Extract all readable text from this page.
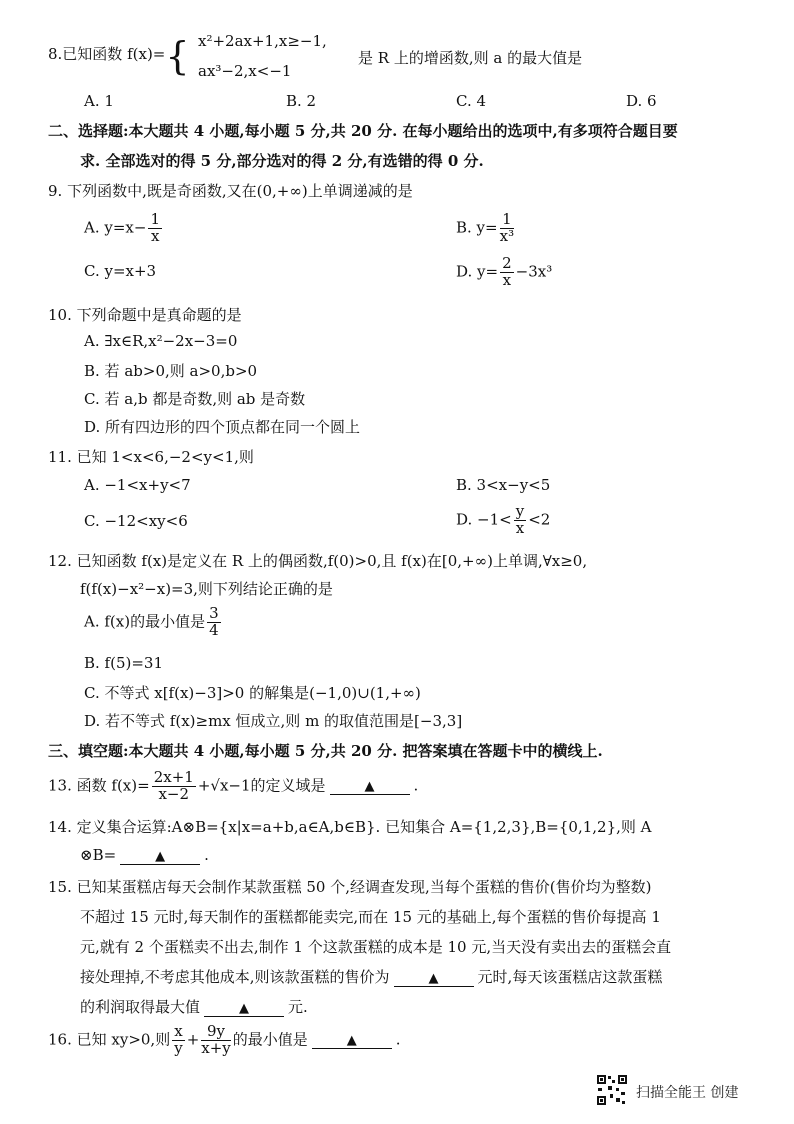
8.已知函数 f(x)={ x²+2ax+1,x≥−1,
ax³−2,x<−1
是 R 上的增函数,则 a 的最大值是
A. 1	B. 2	C. 4	D. 6
二、选择题:本大题共 4 小题,每小题 5 分,共 20 分. 在每小题给出的选项中,有多项符合题目要
求. 全部选对的得 5 分,部分选对的得 2 分,有选错的得 0 分.
9. 下列函数中,既是奇函数,又在(0,+∞)上单调递减的是
A. $y=x- \frac{1}{x}$	B. $y= \frac{1}{\text{x³}}$
C. y=x+3	D. $y= \frac{2}{x} -3x^3$
10. 下列命题中是真命题的是
A. ∃x∈R,x²−2x−3=0
B. 若 ab>0,则 a>0,b>0
C. 若 a,b 都是奇数,则 ab 是奇数
D. 所有四边形的四个顶点都在同一个圆上
11. 已知 1<x<6,−2<y<1,则
A. −1<x+y<7	B. 3<x−y<5
C. −12<xy<6	D. $-1< \frac{y}{x} <2$
12. 已知函数 f(x)是定义在 R 上的偶函数,f(0)>0,且 f(x)在[0,+∞)上单调,∀x≥0,
f(f(x)−x²−x)=3,则下列结论正确的是
A. f(x)的最小值是 $\frac{3}{4}$
B. f(5)=31
C. 不等式 x[f(x)−3]>0 的解集是(−1,0)∪(1,+∞)
D. 若不等式 f(x)≥mx 恒成立,则 m 的取值范围是[−3,3]
三、填空题:本大题共 4 小题,每小题 5 分,共 20 分. 把答案填在答题卡中的横线上.
13. 函数 $f(x)= \frac{2x+1}{x-2} +√x-1$的定义域是	▲	.
14. 定义集合运算:A⊗B={x|x=a+b,a∈A,b∈B}. 已知集合 A={1,2,3},B={0,1,2},则 A
⊗B=	▲	.
15. 已知某蛋糕店每天会制作某款蛋糕 50 个,经调查发现,当每个蛋糕的售价(售价均为整数)
不超过 15 元时,每天制作的蛋糕都能卖完,而在 15 元的基础上,每个蛋糕的售价每提高 1
元,就有 2 个蛋糕卖不出去,制作 1 个这款蛋糕的成本是 10 元,当天没有卖出去的蛋糕会直
接处理掉,不考虑其他成本,则该款蛋糕的售价为	▲	元时,每天该蛋糕店这款蛋糕
的利润取得最大值	▲	元.
16. 已知 xy>0,则 $\frac{x}{y} + \frac{9y}{x+y}$ 的最小值是	▲	.
扫描全能王 创建
